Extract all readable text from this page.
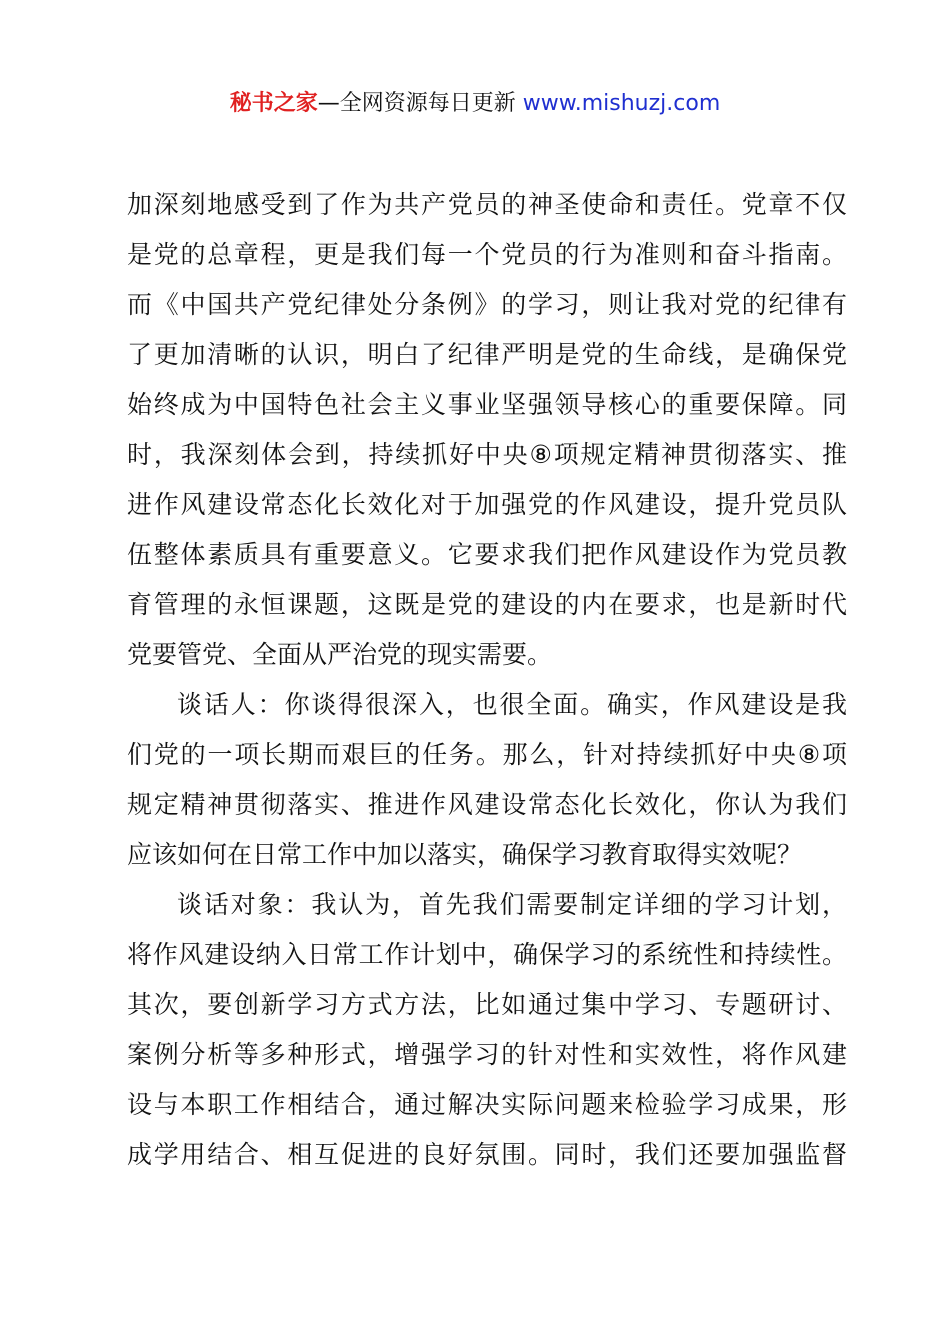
秘书之家—全网资源每日更新 www.mishuzj.com
加深刻地感受到了作为共产党员的神圣使命和责任。党章不仅
是党的总章程，更是我们每一个党员的行为准则和奋斗指南。
而《中国共产党纪律处分条例》的学习，则让我对党的纪律有
了更加清晰的认识，明白了纪律严明是党的生命线，是确保党
始终成为中国特色社会主义事业坚强领导核心的重要保障。同
时，我深刻体会到，持续抓好中央⑧项规定精神贯彻落实、推
进作风建设常态化长效化对于加强党的作风建设，提升党员队
伍整体素质具有重要意义。它要求我们把作风建设作为党员教
育管理的永恒课题，这既是党的建设的内在要求，也是新时代
党要管党、全面从严治党的现实需要。
谈话人：你谈得很深入，也很全面。确实，作风建设是我
们党的一项长期而艰巨的任务。那么，针对持续抓好中央⑧项
规定精神贯彻落实、推进作风建设常态化长效化，你认为我们
应该如何在日常工作中加以落实，确保学习教育取得实效呢？
谈话对象：我认为，首先我们需要制定详细的学习计划，
将作风建设纳入日常工作计划中，确保学习的系统性和持续性。
其次，要创新学习方式方法，比如通过集中学习、专题研讨、
案例分析等多种形式，增强学习的针对性和实效性，将作风建
设与本职工作相结合，通过解决实际问题来检验学习成果，形
成学用结合、相互促进的良好氛围。同时，我们还要加强监督
